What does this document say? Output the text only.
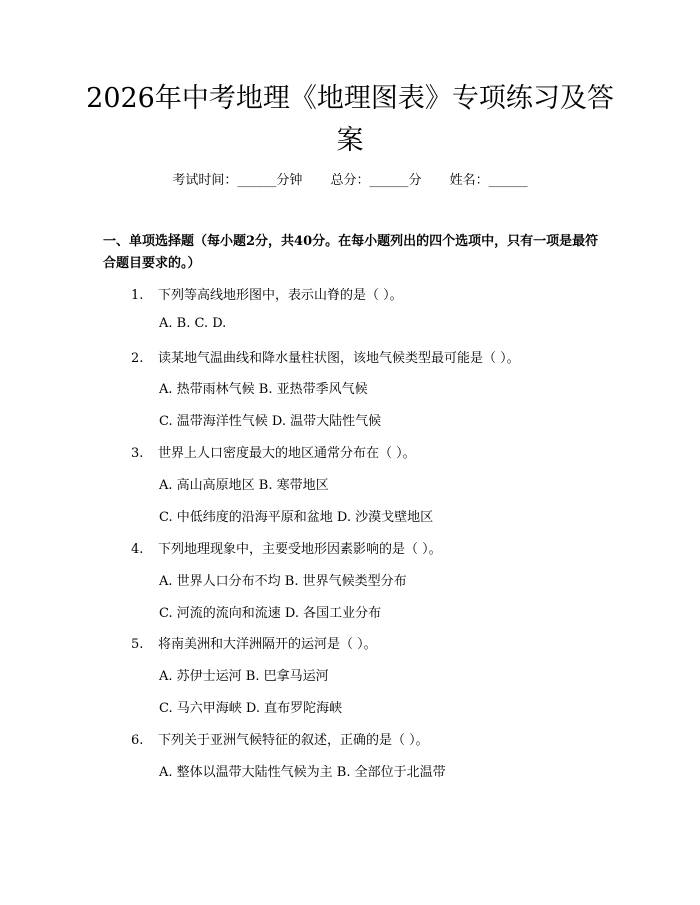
2026年中考地理《地理图表》专项练习及答
案
考试时间：______分钟 总分：______分 姓名：______
一、单项选择题（每小题2分，共40分。在每小题列出的四个选项中，只有一项是最符合题目要求的。）
1. 下列等高线地形图中，表示山脊的是（ ）。
A. B. C. D.
2. 读某地气温曲线和降水量柱状图，该地气候类型最可能是（ ）。
A. 热带雨林气候 B. 亚热带季风气候
C. 温带海洋性气候 D. 温带大陆性气候
3. 世界上人口密度最大的地区通常分布在（ ）。
A. 高山高原地区 B. 寒带地区
C. 中低纬度的沿海平原和盆地 D. 沙漠戈壁地区
4. 下列地理现象中，主要受地形因素影响的是（ ）。
A. 世界人口分布不均 B. 世界气候类型分布
C. 河流的流向和流速 D. 各国工业分布
5. 将南美洲和大洋洲隔开的运河是（ ）。
A. 苏伊士运河 B. 巴拿马运河
C. 马六甲海峡 D. 直布罗陀海峡
6. 下列关于亚洲气候特征的叙述，正确的是（ ）。
A. 整体以温带大陆性气候为主 B. 全部位于北温带
